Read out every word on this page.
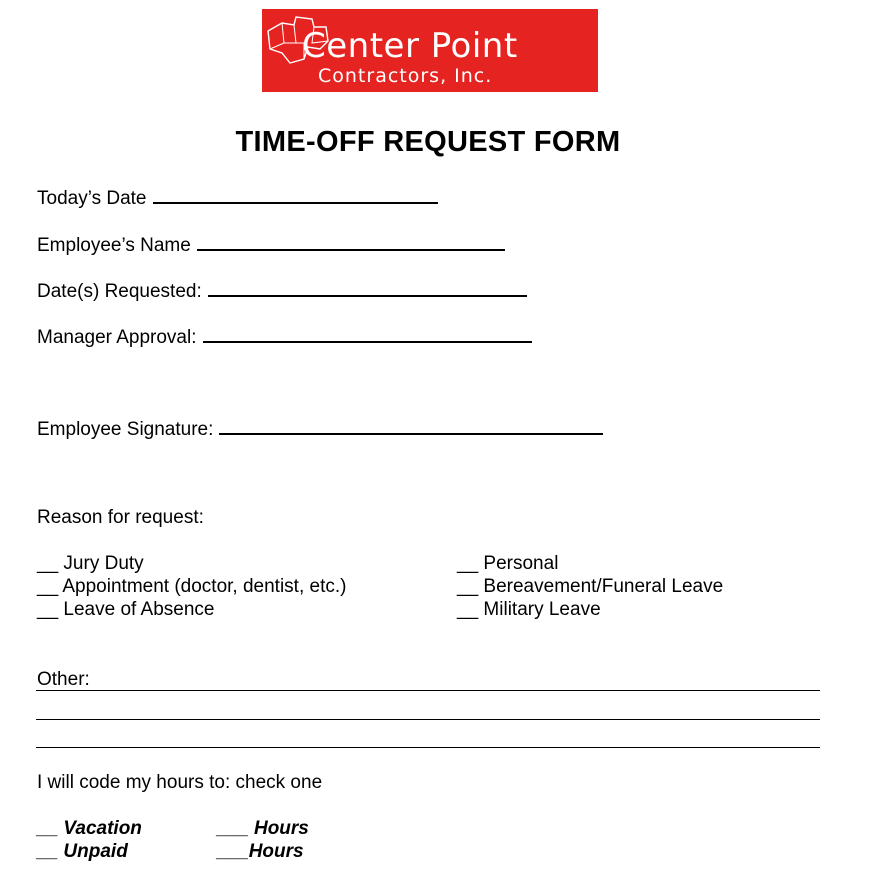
Center Point
Contractors, Inc.
TIME-OFF REQUEST FORM
Today’s Date
Employee’s Name
Date(s) Requested:
Manager Approval:
Employee Signature:
Reason for request:
__ Jury Duty
__ Appointment (doctor, dentist, etc.)
__ Leave of Absence
__ Personal
__ Bereavement/Funeral Leave
__ Military Leave
Other:
I will code my hours to: check one
__ Vacation
__ Unpaid
___ Hours
___Hours
